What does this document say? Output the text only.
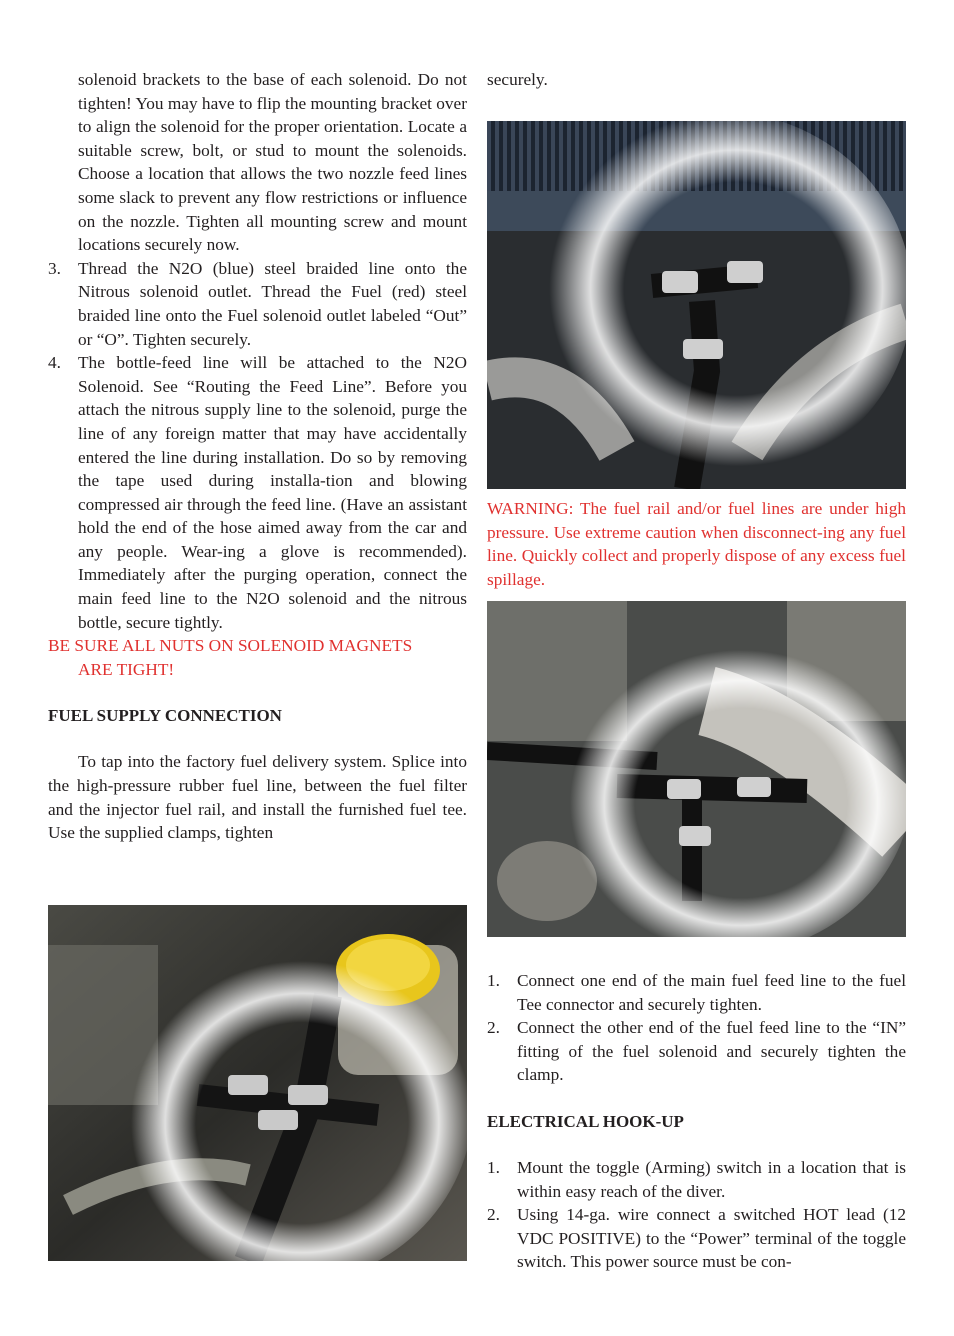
solenoid brackets to the base of each solenoid. Do not tighten! You may have to flip the mounting bracket over to align the solenoid for the proper orientation. Locate a suitable screw, bolt, or stud to mount the solenoids. Choose a location that allows the two nozzle feed lines some slack to prevent any flow restrictions or influence on the nozzle. Tighten all mounting screw and mount locations securely now.

3. Thread the N2O (blue) steel braided line onto the Nitrous solenoid outlet. Thread the Fuel (red) steel braided line onto the Fuel solenoid outlet labeled “Out” or “O”. Tighten securely.
4. The bottle-feed line will be attached to the N2O Solenoid. See “Routing the Feed Line”. Before you attach the nitrous supply line to the solenoid, purge the line of any foreign matter that may have accidentally entered the line during installation. Do so by removing the tape used during installa-tion and blowing compressed air through the feed line. (Have an assistant hold the end of the hose aimed away from the car and any people. Wear-ing a glove is recommended). Immediately after the purging operation, connect the main feed line to the N2O solenoid and the nitrous bottle, secure tightly.

BE SURE ALL NUTS ON SOLENOID MAGNETS

ARE TIGHT!

FUEL SUPPLY CONNECTION

To tap into the factory fuel delivery system. Splice into the high-pressure rubber fuel line, between the fuel filter and the injector fuel rail, and install the furnished fuel tee. Use the supplied clamps, tighten

securely.

WARNING: The fuel rail and/or fuel lines are under high pressure. Use extreme caution when disconnect-ing any fuel line. Quickly collect and properly dispose of any excess fuel spillage.

1. Connect one end of the main fuel feed line to the fuel Tee connector and securely tighten.
2. Connect the other end of the fuel feed line to the “IN” fitting of the fuel solenoid and securely tighten the clamp.
ELECTRICAL HOOK-UP
1. Mount the toggle (Arming) switch in a location that is within easy reach of the diver.
2. Using 14-ga. wire connect a switched HOT lead (12 VDC POSITIVE) to the “Power” terminal of the toggle switch. This power source must be con-
